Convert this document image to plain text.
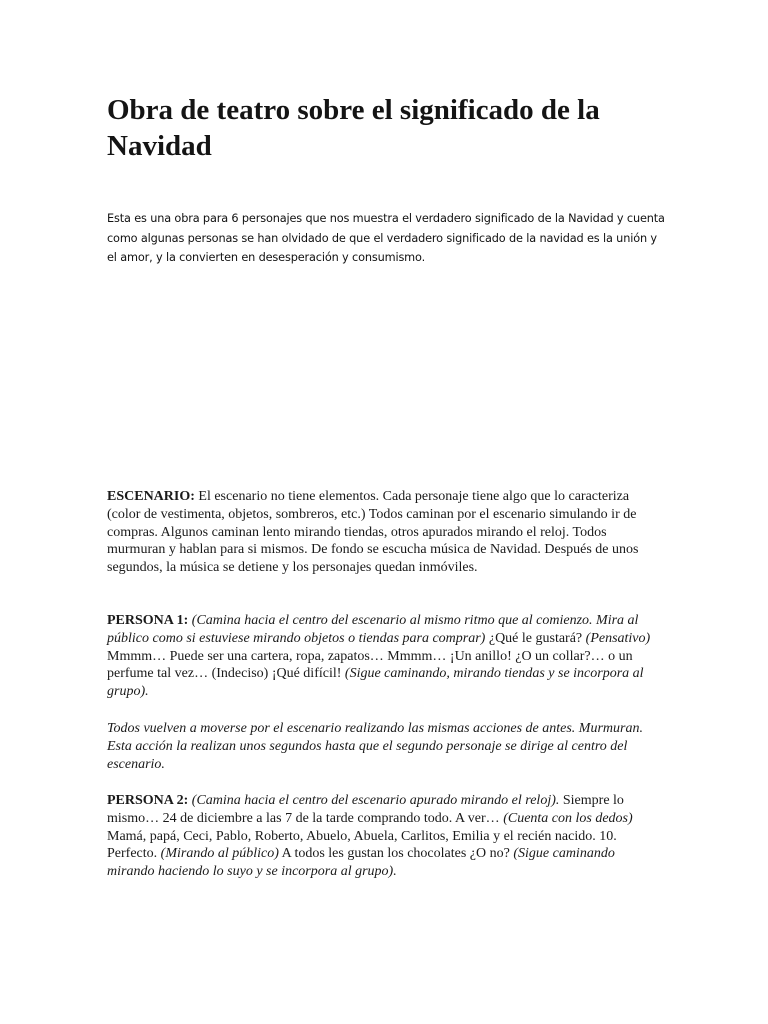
Obra de teatro sobre el significado de la Navidad

Esta es una obra para 6 personajes que nos muestra el verdadero significado de la Navidad y cuenta como algunas personas se han olvidado de que el verdadero significado de la navidad es la unión y el amor, y la convierten en desesperación y consumismo.

ESCENARIO: El escenario no tiene elementos. Cada personaje tiene algo que lo caracteriza (color de vestimenta, objetos, sombreros, etc.) Todos caminan por el escenario simulando ir de compras. Algunos caminan lento mirando tiendas, otros apurados mirando el reloj. Todos murmuran y hablan para si mismos. De fondo se escucha música de Navidad. Después de unos segundos, la música se detiene y los personajes quedan inmóviles.

PERSONA 1: (Camina hacia el centro del escenario al mismo ritmo que al comienzo. Mira al público como si estuviese mirando objetos o tiendas para comprar) ¿Qué le gustará? (Pensativo) Mmmm… Puede ser una cartera, ropa, zapatos… Mmmm… ¡Un anillo! ¿O un collar?… o un perfume tal vez… (Indeciso) ¡Qué difícil! (Sigue caminando, mirando tiendas y se incorpora al grupo).

Todos vuelven a moverse por el escenario realizando las mismas acciones de antes. Murmuran. Esta acción la realizan unos segundos hasta que el segundo personaje se dirige al centro del escenario.

PERSONA 2: (Camina hacia el centro del escenario apurado mirando el reloj). Siempre lo mismo… 24 de diciembre a las 7 de la tarde comprando todo. A ver… (Cuenta con los dedos) Mamá, papá, Ceci, Pablo, Roberto, Abuelo, Abuela, Carlitos, Emilia y el recién nacido. 10. Perfecto. (Mirando al público) A todos les gustan los chocolates ¿O no? (Sigue caminando mirando haciendo lo suyo y se incorpora al grupo).
